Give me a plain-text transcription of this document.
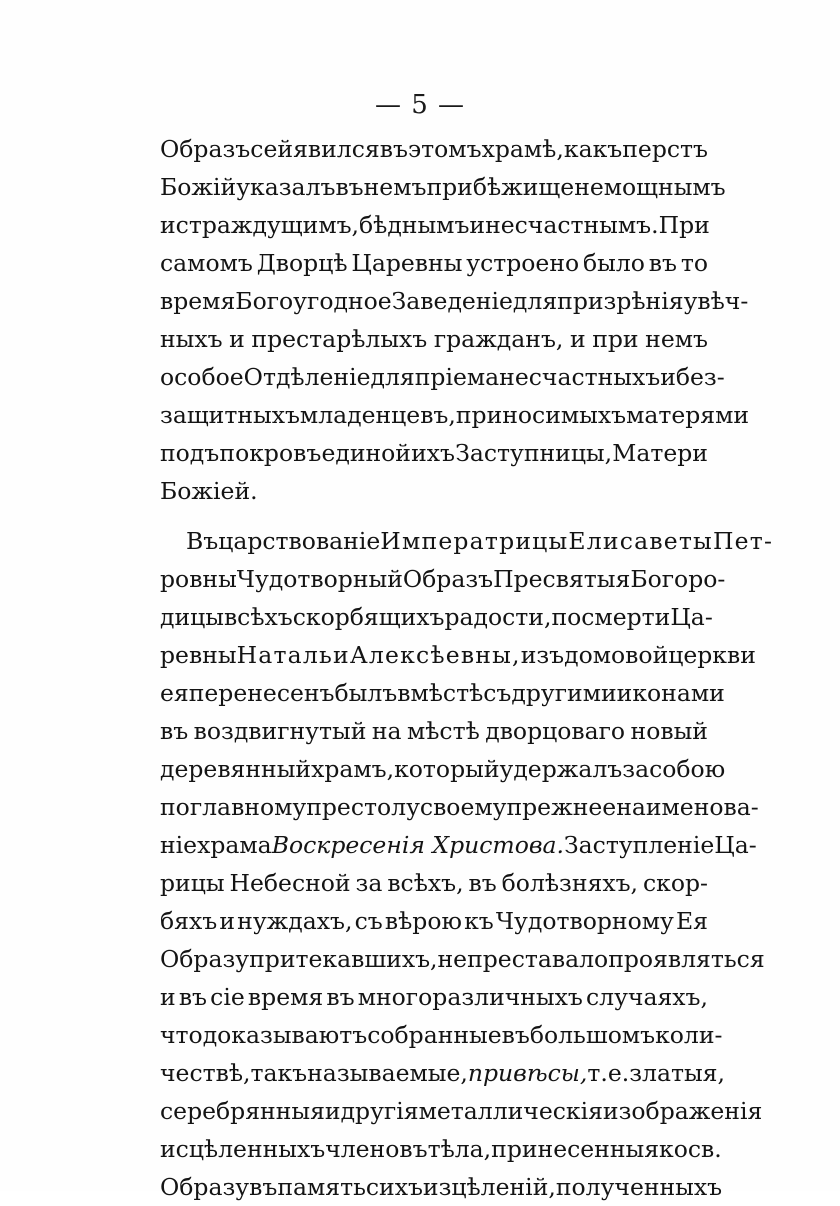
— 5 —
Образъ сей явился въ этомъ храмѣ, какъ перстъ
Божій указалъ въ немъ прибѣжище немощнымъ
и страждущимъ, бѣднымъ и несчастнымъ. При
самомъ Дворцѣ Царевны устроено было въ то
время Богоугодное Заведеніе для призрѣнія увѣч-
ныхъ и престарѣлыхъ гражданъ, и при немъ
особое Отдѣленіе для пріема несчастныхъ и без-
защитныхъ младенцевъ, приносимыхъ матерями
подъ покровъ единой ихъ Заступницы, Матери
Божіей.
Въ царствованіе Императрицы Елисаветы Пет-
ровны Чудотворный Образъ Пресвятыя Богоро-
дицы всѣхъ скорбящихъ радости, по смерти Ца-
ревны Натальи Алексѣевны, изъ домовой церкви
ея перенесенъ былъ вмѣстѣ съ другими иконами
въ воздвигнутый на мѣстѣ дворцоваго новый
деревянный храмъ, который удержалъ за собою
по главному престолу своему прежнее наименова-
ніе храма Воскресенія Христова. Заступленіе Ца-
рицы Небесной за всѣхъ, въ болѣзняхъ, скор-
бяхъ и нуждахъ, съ вѣрою къ Чудотворному Ея
Образу притекавшихъ, не преставало проявляться
и въ сіе время въ многоразличныхъ случаяхъ,
что доказываютъ собранные въ большомъ коли-
чествѣ, такъ называемые, привѣсы, т. е. златыя,
серебрянныя и другія металлическія изображенія
исцѣленныхъ членовъ тѣла, принесенныя ко св.
Образу въ память сихъ изцѣленій, полученныхъ
